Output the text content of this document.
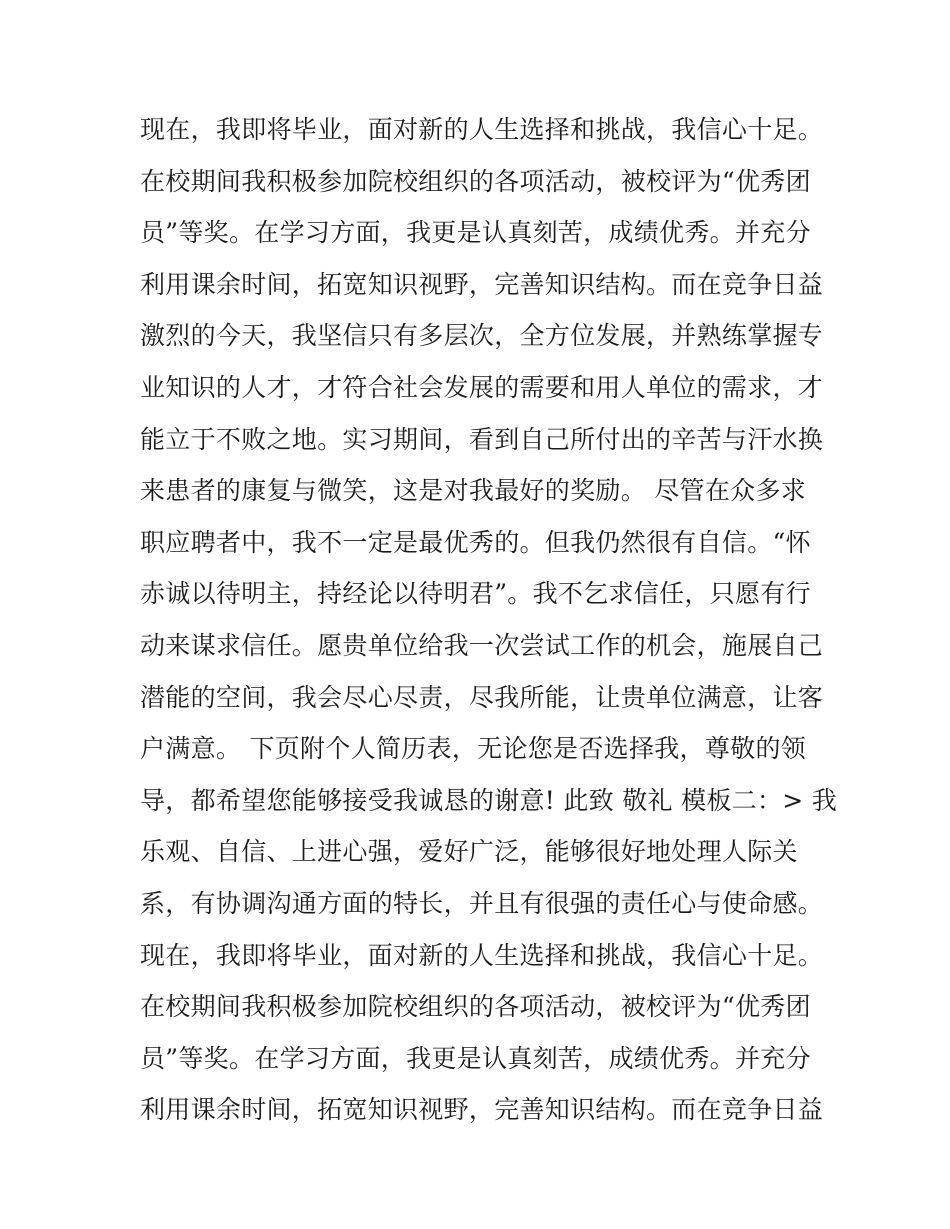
现在，我即将毕业，面对新的人生选择和挑战，我信心十足。
在校期间我积极参加院校组织的各项活动，被校评为“优秀团
员”等奖。在学习方面，我更是认真刻苦，成绩优秀。并充分
利用课余时间，拓宽知识视野，完善知识结构。而在竞争日益
激烈的今天，我坚信只有多层次，全方位发展，并熟练掌握专
业知识的人才，才符合社会发展的需要和用人单位的需求，才
能立于不败之地。实习期间，看到自己所付出的辛苦与汗水换
来患者的康复与微笑，这是对我最好的奖励。 尽管在众多求
职应聘者中，我不一定是最优秀的。但我仍然很有自信。“怀
赤诚以待明主，持经论以待明君”。我不乞求信任，只愿有行
动来谋求信任。愿贵单位给我一次尝试工作的机会，施展自己
潜能的空间，我会尽心尽责，尽我所能，让贵单位满意，让客
户满意。 下页附个人简历表，无论您是否选择我，尊敬的领
导，都希望您能够接受我诚恳的谢意! 此致 敬礼 模板二：> 我
乐观、自信、上进心强，爱好广泛，能够很好地处理人际关
系，有协调沟通方面的特长，并且有很强的责任心与使命感。
现在，我即将毕业，面对新的人生选择和挑战，我信心十足。
在校期间我积极参加院校组织的各项活动，被校评为“优秀团
员”等奖。在学习方面，我更是认真刻苦，成绩优秀。并充分
利用课余时间，拓宽知识视野，完善知识结构。而在竞争日益
